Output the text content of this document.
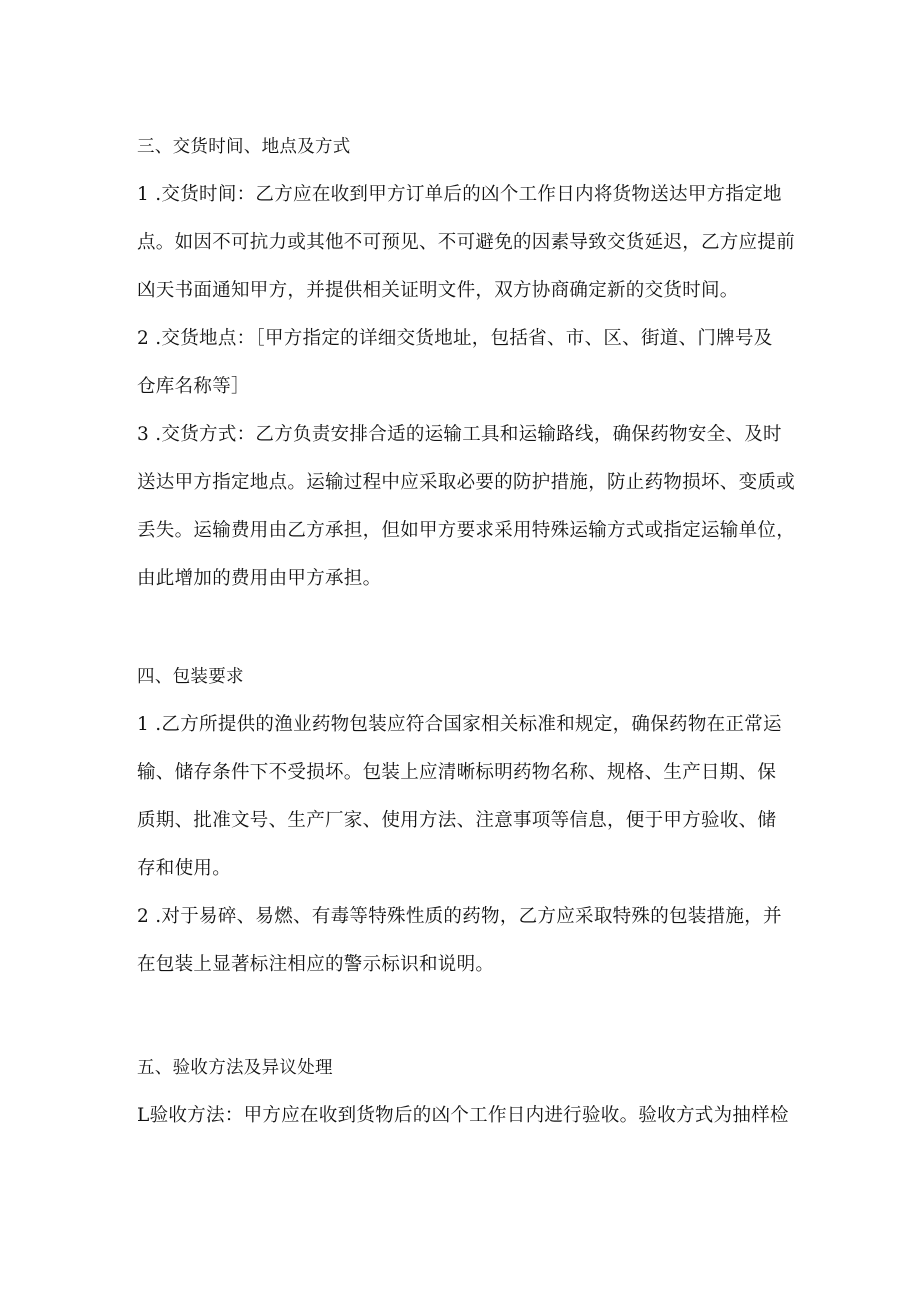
三、交货时间、地点及方式
1 .交货时间：乙方应在收到甲方订单后的凶个工作日内将货物送达甲方指定地
点。如因不可抗力或其他不可预见、不可避免的因素导致交货延迟，乙方应提前
凶天书面通知甲方，并提供相关证明文件，双方协商确定新的交货时间。
2 .交货地点：［甲方指定的详细交货地址，包括省、市、区、街道、门牌号及
仓库名称等］
3 .交货方式：乙方负责安排合适的运输工具和运输路线，确保药物安全、及时
送达甲方指定地点。运输过程中应采取必要的防护措施，防止药物损坏、变质或
丢失。运输费用由乙方承担，但如甲方要求采用特殊运输方式或指定运输单位，
由此增加的费用由甲方承担。
四、包装要求
1 .乙方所提供的渔业药物包装应符合国家相关标准和规定，确保药物在正常运
输、储存条件下不受损坏。包装上应清晰标明药物名称、规格、生产日期、保
质期、批准文号、生产厂家、使用方法、注意事项等信息，便于甲方验收、储
存和使用。
2 .对于易碎、易燃、有毒等特殊性质的药物，乙方应采取特殊的包装措施，并
在包装上显著标注相应的警示标识和说明。
五、验收方法及异议处理
L验收方法：甲方应在收到货物后的凶个工作日内进行验收。验收方式为抽样检
